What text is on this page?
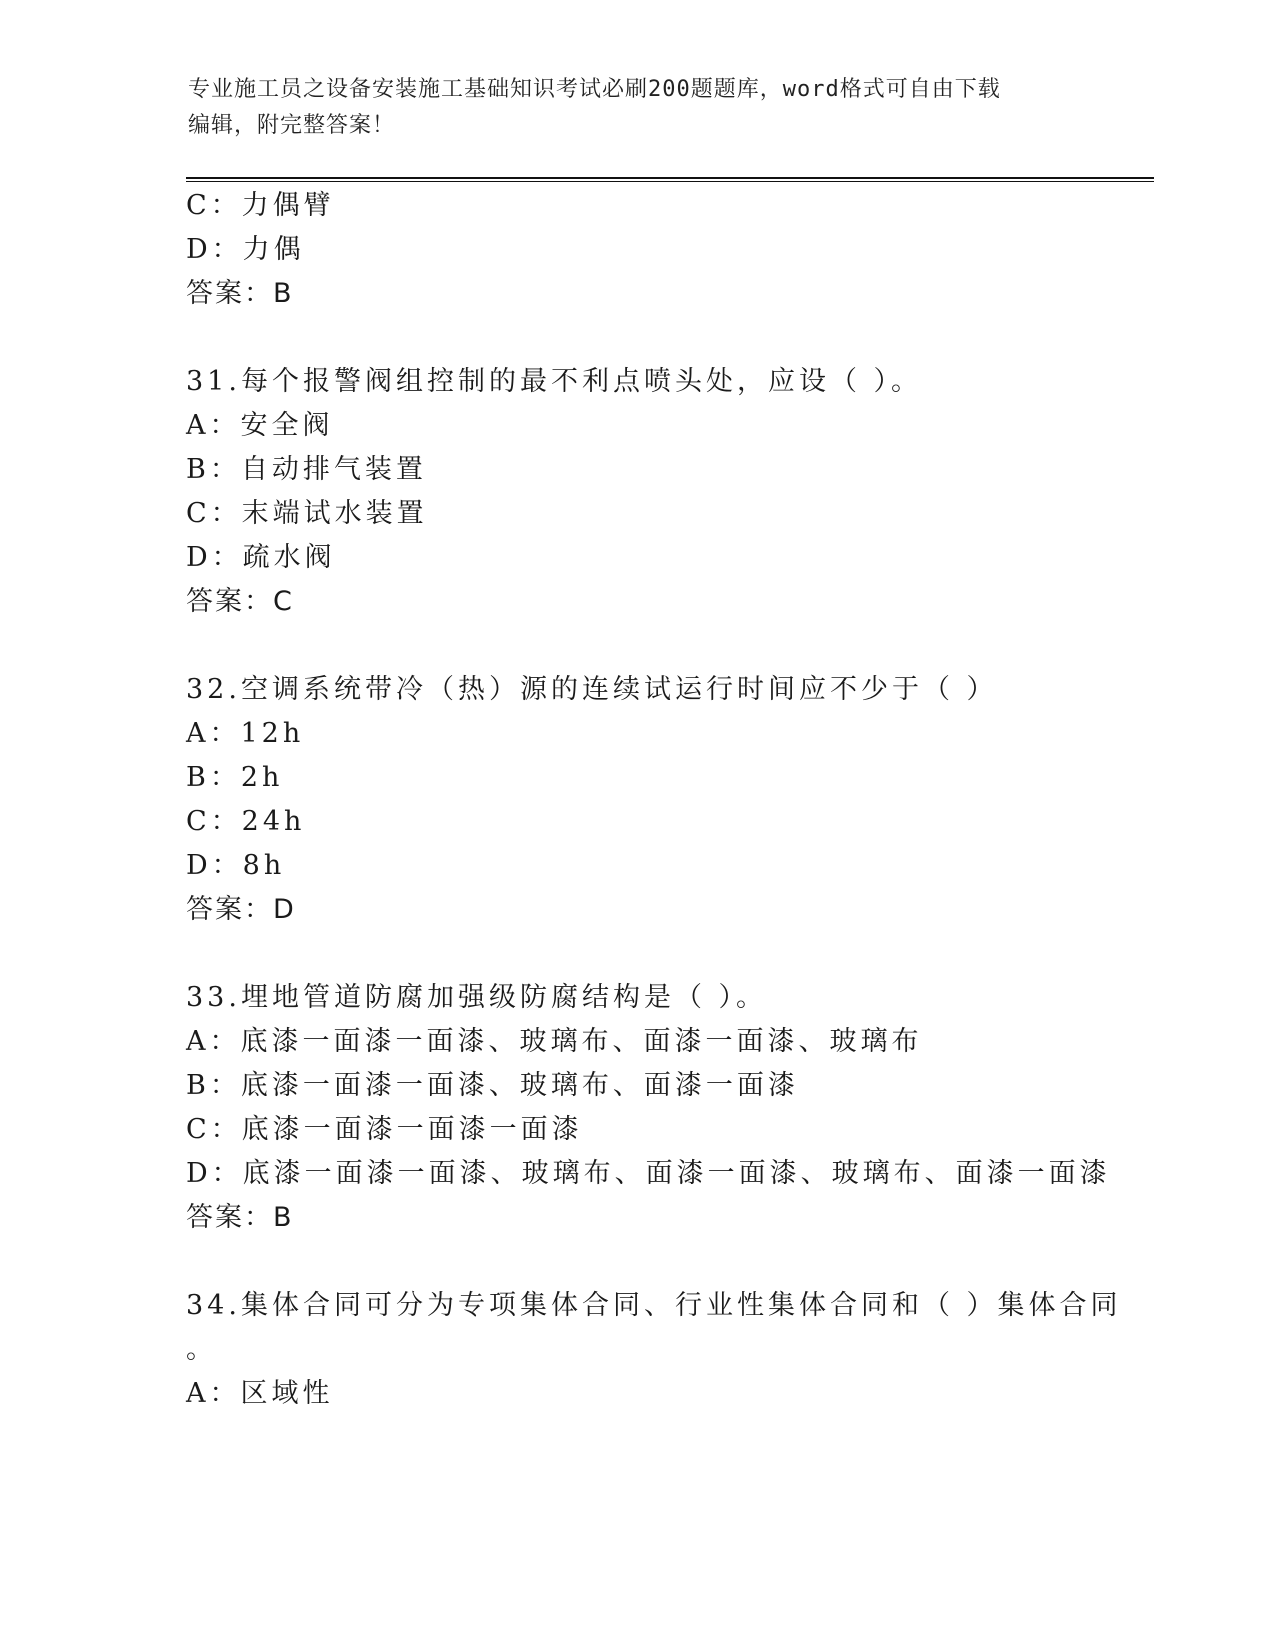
专业施工员之设备安装施工基础知识考试必刷200题题库，word格式可自由下载
编辑，附完整答案！
C：力偶臂
D：力偶
答案：B
31.每个报警阀组控制的最不利点喷头处，应设（ ）。
A：安全阀
B：自动排气装置
C：末端试水装置
D：疏水阀
答案：C
32.空调系统带冷（热）源的连续试运行时间应不少于（ ）
A：12h
B：2h
C：24h
D：8h
答案：D
33.埋地管道防腐加强级防腐结构是（ ）。
A：底漆一面漆一面漆、玻璃布、面漆一面漆、玻璃布
B：底漆一面漆一面漆、玻璃布、面漆一面漆
C：底漆一面漆一面漆一面漆
D：底漆一面漆一面漆、玻璃布、面漆一面漆、玻璃布、面漆一面漆
答案：B
34.集体合同可分为专项集体合同、行业性集体合同和（ ）集体合同
。
A：区域性
